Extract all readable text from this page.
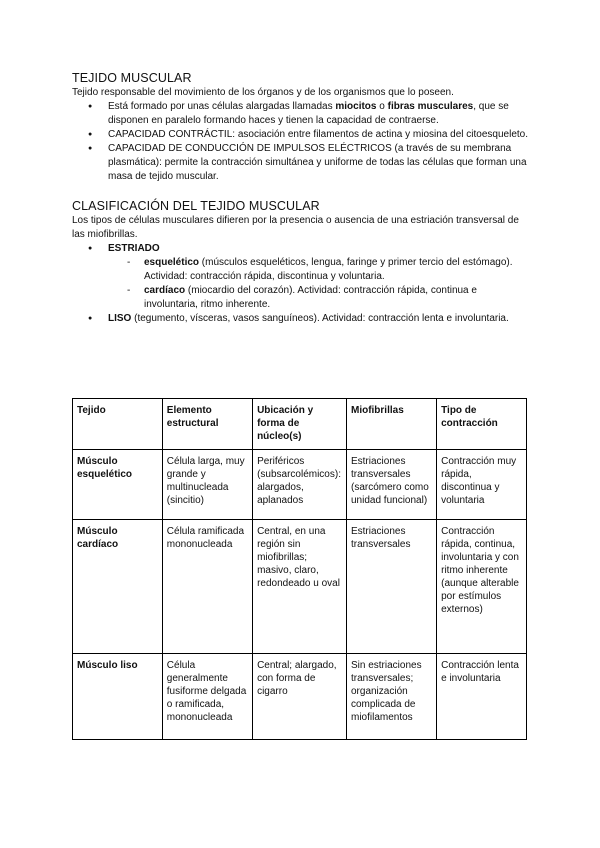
TEJIDO MUSCULAR

Tejido responsable del movimiento de los órganos y de los organismos que lo poseen.

● Está formado por unas células alargadas llamadas miocitos o fibras musculares, que se disponen en paralelo formando haces y tienen la capacidad de contraerse.
● CAPACIDAD CONTRÁCTIL: asociación entre filamentos de actina y miosina del citoesqueleto.
● CAPACIDAD DE CONDUCCIÓN DE IMPULSOS ELÉCTRICOS (a través de su membrana plasmática): permite la contracción simultánea y uniforme de todas las células que forman una masa de tejido muscular.
CLASIFICACIÓN DEL TEJIDO MUSCULAR

Los tipos de células musculares difieren por la presencia o ausencia de una estriación transversal de las miofibrillas.

● ESTRIADO
- esquelético (músculos esqueléticos, lengua, faringe y primer tercio del estómago). Actividad: contracción rápida, discontinua y voluntaria.
- cardíaco (miocardio del corazón). Actividad: contracción rápida, continua e involuntaria, ritmo inherente.
● LISO (tegumento, vísceras, vasos sanguíneos). Actividad: contracción lenta e involuntaria.
Tejido	Elemento estructural	Ubicación y forma de núcleo(s)	Miofibrillas	Tipo de contracción
Músculo esquelético	Célula larga, muy grande y multinucleada (sincitio)	Periféricos (subsarcolémicos): alargados, aplanados	Estriaciones transversales (sarcómero como unidad funcional)	Contracción muy rápida, discontinua y voluntaria
Músculo cardíaco	Célula ramificada mononucleada	Central, en una región sin miofibrillas; masivo, claro, redondeado u oval	Estriaciones transversales	Contracción rápida, continua, involuntaria y con ritmo inherente (aunque alterable por estímulos externos)
Músculo liso	Célula generalmente fusiforme delgada o ramificada, mononucleada	Central; alargado, con forma de cigarro	Sin estriaciones transversales; organización complicada de miofilamentos	Contracción lenta e involuntaria
